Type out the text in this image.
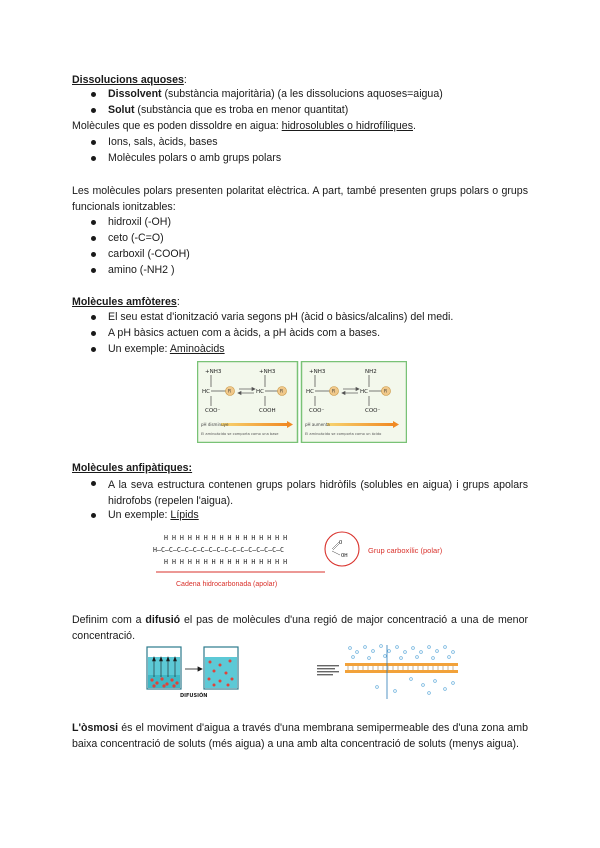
Dissolucions aquoses:
Dissolvent (substància majoritària) (a les dissolucions aquoses=aigua)
Solut (substància que es troba en menor quantitat)
Molècules que es poden dissoldre en aigua: hidrosolubles o hidrofíliques.
Ions, sals, àcids, bases
Molècules polars o amb grups polars
Les molècules polars presenten polaritat elèctrica. A part, també presenten grups polars o grups funcionals ionitzables:
hidroxil (-OH)
ceto (-C=O)
carboxil (-COOH)
amino (-NH2 )
Molècules amfòteres:
El seu estat d'ionització varia segons pH (àcid o bàsics/alcalins) del medi.
A pH bàsics actuen com a àcids, a pH àcids com a bases.
Un exemple: Aminoàcids
+NH3
HC
COO⁻
+NH3
HC
COOH
+NH3
HC
COO⁻
NH2
HC
COO⁻
R	R	R	R
pH disminuye	pH aumenta
El aminoácido se comporta como una base	El aminoácido se comporta como un ácido
Molècules anfipàtiques:
A la seva estructura contenen grups polars hidròfils (solubles en aigua) i grups apolars hidrofobs (repelen l'aigua).
Un exemple: Lípids
H H H H H H H H H H H H H H H H
H—C—C—C—C—C—C—C—C—C—C—C—C—C—C—C—C
H H H H H H H H H H H H H H H H
O
OH
Grup carboxílic (polar)
Cadena hidrocarbonada (apolar)
Definim com a difusió el pas de molècules d'una regió de major concentració a una de menor concentració.
DIFUSIÓN
L'òsmosi és el moviment d'aigua a través d'una membrana semipermeable des d'una zona amb baixa concentració de soluts (més aigua) a una amb alta concentració de soluts (menys aigua).
